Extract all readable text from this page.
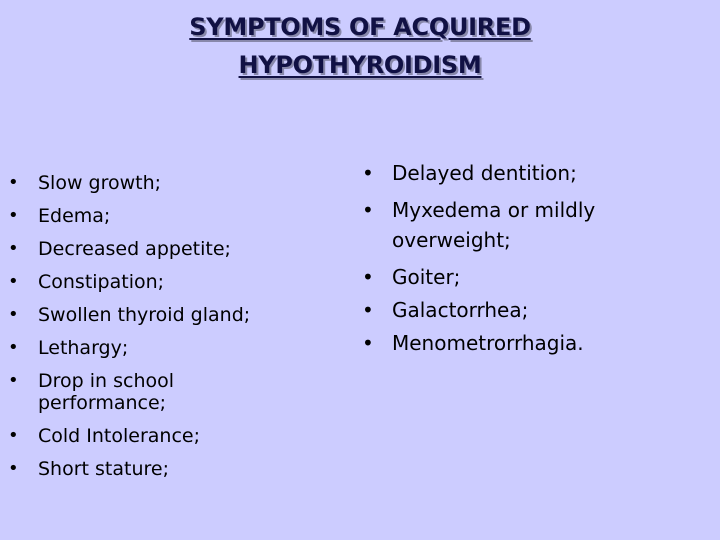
SYMPTOMS OF ACQUIRED
HYPOTHYROIDISM
•	Slow growth;
•	Edema;
•	Decreased appetite;
•	Constipation;
•	Swollen thyroid gland;
•	Lethargy;
•	Drop in school performance;
•	Cold Intolerance;
•	Short stature;
• Delayed dentition;
• Myxedema or mildly overweight;
• Goiter;
• Galactorrhea;
• Menometrorrhagia.
